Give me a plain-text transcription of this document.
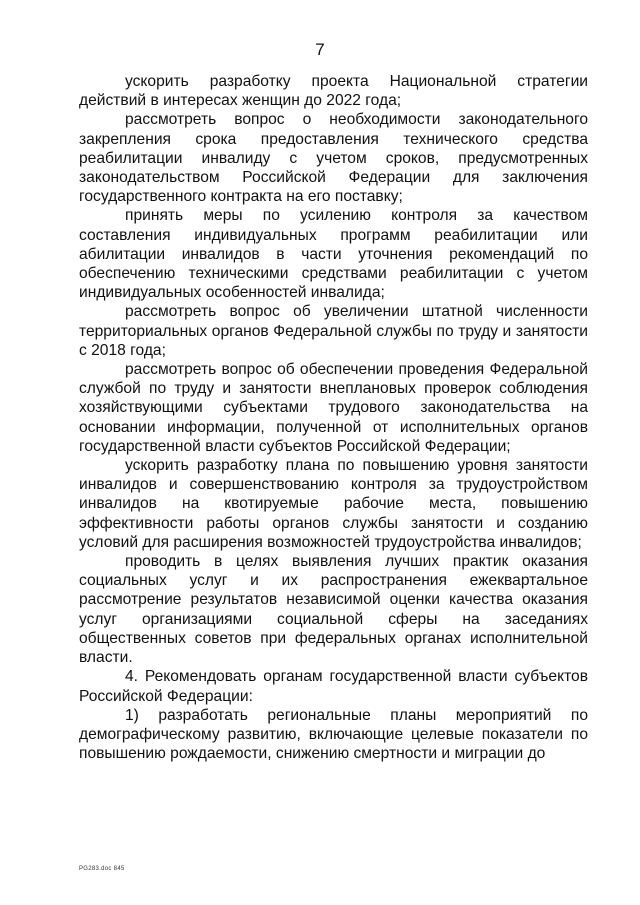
7

ускорить разработку проекта Национальной стратегии действий в интересах женщин до 2022 года;

рассмотреть вопрос о необходимости законодательного закрепления срока предоставления технического средства реабилитации инвалиду с учетом сроков, предусмотренных законодательством Российской Федерации для заключения государственного контракта на его поставку;

принять меры по усилению контроля за качеством составления индивидуальных программ реабилитации или абилитации инвалидов в части уточнения рекомендаций по обеспечению техническими средствами реабилитации с учетом индивидуальных особенностей инвалида;

рассмотреть вопрос об увеличении штатной численности территориальных органов Федеральной службы по труду и занятости с 2018 года;

рассмотреть вопрос об обеспечении проведения Федеральной службой по труду и занятости внеплановых проверок соблюдения хозяйствующими субъектами трудового законодательства на основании информации, полученной от исполнительных органов государственной власти субъектов Российской Федерации;

ускорить разработку плана по повышению уровня занятости инвалидов и совершенствованию контроля за трудоустройством инвалидов на квотируемые рабочие места, повышению эффективности работы органов службы занятости и созданию условий для расширения возможностей трудоустройства инвалидов;

проводить в целях выявления лучших практик оказания социальных услуг и их распространения ежеквартальное рассмотрение результатов независимой оценки качества оказания услуг организациями социальной сферы на заседаниях общественных советов при федеральных органах исполнительной власти.

4. Рекомендовать органам государственной власти субъектов Российской Федерации:

1) разработать региональные планы мероприятий по демографическому развитию, включающие целевые показатели по повышению рождаемости, снижению смертности и миграции до

PG283.doc 845
